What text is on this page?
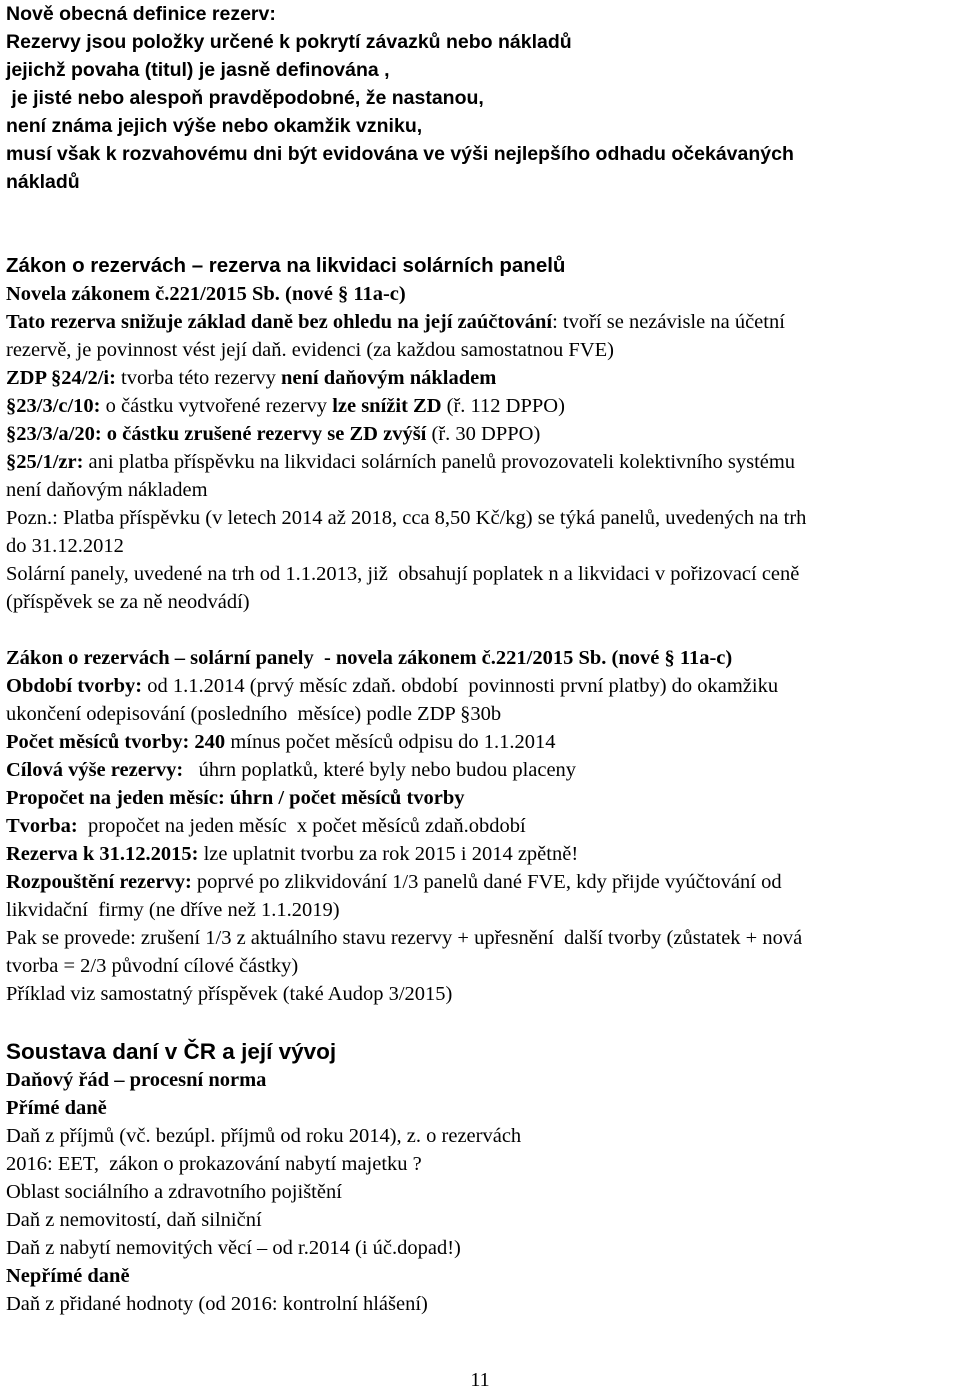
Nově obecná definice rezerv:
Rezervy jsou položky určené k pokrytí závazků nebo nákladů
jejichž povaha (titul) je jasně definována ,
je jisté nebo alespoň pravděpodobné, že nastanou,
není známa jejich výše nebo okamžik vzniku,
musí však k rozvahovému dni být evidována ve výši nejlepšího odhadu očekávaných
nákladů
Zákon o rezervách – rezerva na likvidaci solárních panelů
Novela zákonem č.221/2015 Sb. (nové § 11a-c)
Tato rezerva snižuje základ daně bez ohledu na její zaúčtování: tvoří se nezávisle na účetní
rezervě, je povinnost vést její daň. evidenci (za každou samostatnou FVE)
ZDP §24/2/i: tvorba této rezervy není daňovým nákladem
§23/3/c/10: o částku vytvořené rezervy lze snížit ZD (ř. 112 DPPO)
§23/3/a/20: o částku zrušené rezervy se ZD zvýší (ř. 30 DPPO)
§25/1/zr: ani platba příspěvku na likvidaci solárních panelů provozovateli kolektivního systému
není daňovým nákladem
Pozn.: Platba příspěvku (v letech 2014 až 2018, cca 8,50 Kč/kg) se týká panelů, uvedených na trh
do 31.12.2012
Solární panely, uvedené na trh od 1.1.2013, již  obsahují poplatek n a likvidaci v pořizovací ceně
(příspěvek se za ně neodvádí)
Zákon o rezervách – solární panely  - novela zákonem č.221/2015 Sb. (nové § 11a-c)
Období tvorby: od 1.1.2014 (prvý měsíc zdaň. období  povinnosti první platby) do okamžiku
ukončení odepisování (posledního  měsíce) podle ZDP §30b
Počet měsíců tvorby: 240 mínus počet měsíců odpisu do 1.1.2014
Cílová výše rezervy:   úhrn poplatků, které byly nebo budou placeny
Propočet na jeden měsíc: úhrn / počet měsíců tvorby
Tvorba:  propočet na jeden měsíc  x počet měsíců zdaň.období
Rezerva k 31.12.2015: lze uplatnit tvorbu za rok 2015 i 2014 zpětně!
Rozpouštění rezervy: poprvé po zlikvidování 1/3 panelů dané FVE, kdy přijde vyúčtování od
likvidační  firmy (ne dříve než 1.1.2019)
Pak se provede: zrušení 1/3 z aktuálního stavu rezervy + upřesnění  další tvorby (zůstatek + nová
tvorba = 2/3 původní cílové částky)
Příklad viz samostatný příspěvek (také Audop 3/2015)
Soustava daní v ČR a její vývoj
Daňový řád – procesní norma
Přímé daně
Daň z příjmů (vč. bezúpl. příjmů od roku 2014), z. o rezervách
2016: EET,  zákon o prokazování nabytí majetku ?
Oblast sociálního a zdravotního pojištění
Daň z nemovitostí, daň silniční
Daň z nabytí nemovitých věcí – od r.2014 (i úč.dopad!)
Nepřímé daně
Daň z přidané hodnoty (od 2016: kontrolní hlášení)
11
